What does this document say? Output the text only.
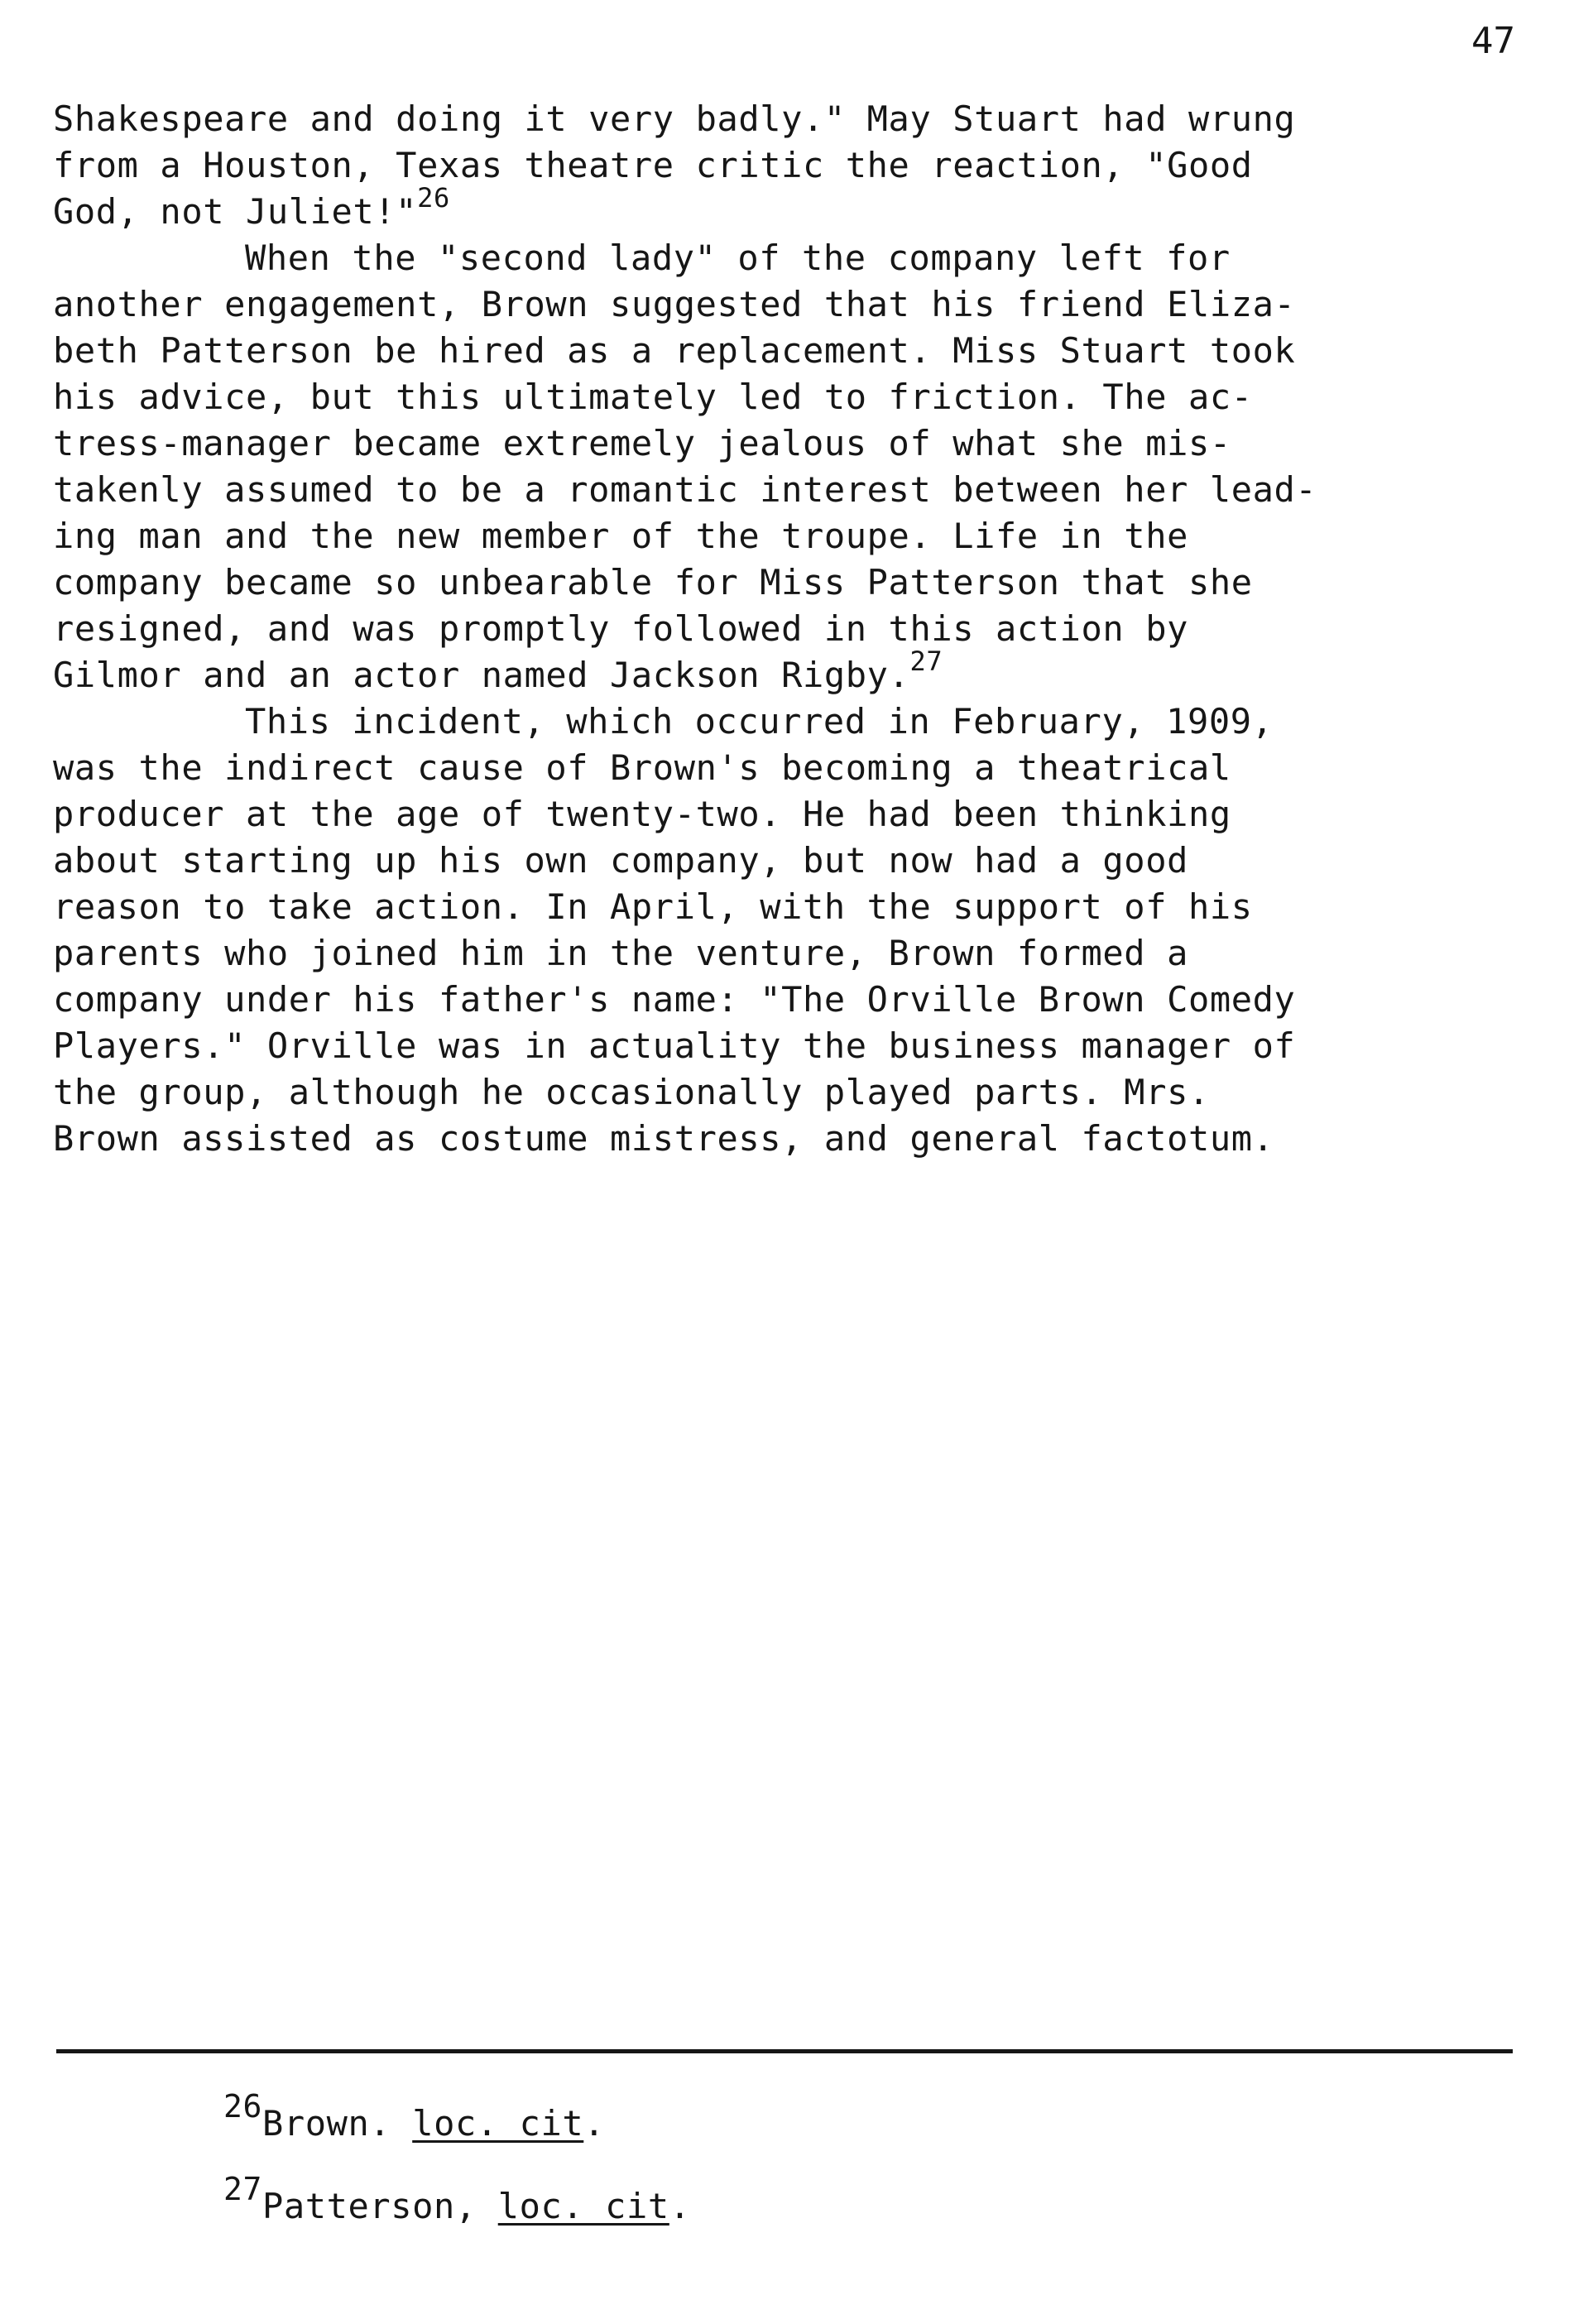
47
Shakespeare and doing it very badly." May Stuart had wrung
from a Houston, Texas theatre critic the reaction, "Good
God, not Juliet!"$^{26}$
When the "second lady" of the company left for
another engagement, Brown suggested that his friend Eliza-
beth Patterson be hired as a replacement. Miss Stuart took
his advice, but this ultimately led to friction. The ac-
tress-manager became extremely jealous of what she mis-
takenly assumed to be a romantic interest between her lead-
ing man and the new member of the troupe. Life in the
company became so unbearable for Miss Patterson that she
resigned, and was promptly followed in this action by
Gilmor and an actor named Jackson Rigby.$^{27}$
This incident, which occurred in February, 1909,
was the indirect cause of Brown's becoming a theatrical
producer at the age of twenty-two. He had been thinking
about starting up his own company, but now had a good
reason to take action. In April, with the support of his
parents who joined him in the venture, Brown formed a
company under his father's name: "The Orville Brown Comedy
Players." Orville was in actuality the business manager of
the group, although he occasionally played parts. Mrs.
Brown assisted as costume mistress, and general factotum.
$^{26}$Brown. loc. cit.
$^{27}$Patterson, loc. cit.
